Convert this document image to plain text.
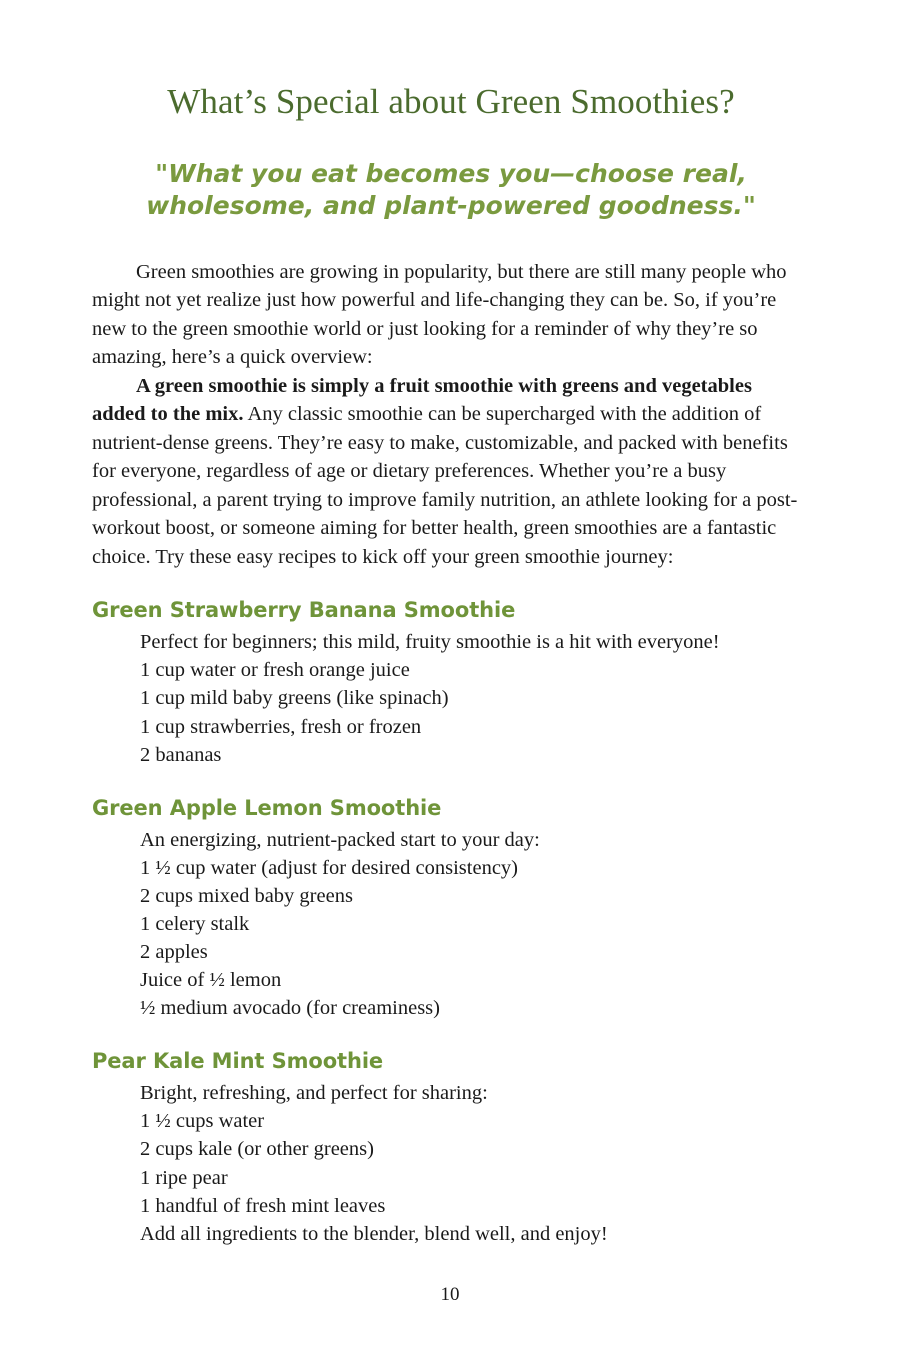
What’s Special about Green Smoothies?
"What you eat becomes you—choose real, wholesome, and plant-powered goodness."

Green smoothies are growing in popularity, but there are still many people who might not yet realize just how powerful and life-changing they can be. So, if you’re new to the green smoothie world or just looking for a reminder of why they’re so amazing, here’s a quick overview:

A green smoothie is simply a fruit smoothie with greens and vegetables added to the mix. Any classic smoothie can be supercharged with the addition of nutrient-dense greens. They’re easy to make, customizable, and packed with benefits for everyone, regardless of age or dietary preferences. Whether you’re a busy professional, a parent trying to improve family nutrition, an athlete looking for a post-workout boost, or someone aiming for better health, green smoothies are a fantastic choice. Try these easy recipes to kick off your green smoothie journey:

Green Strawberry Banana Smoothie
Perfect for beginners; this mild, fruity smoothie is a hit with everyone!
1 cup water or fresh orange juice
1 cup mild baby greens (like spinach)
1 cup strawberries, fresh or frozen
2 bananas
Green Apple Lemon Smoothie
An energizing, nutrient-packed start to your day:
1 ½ cup water (adjust for desired consistency)
2 cups mixed baby greens
1 celery stalk
2 apples
Juice of ½ lemon
½ medium avocado (for creaminess)
Pear Kale Mint Smoothie
Bright, refreshing, and perfect for sharing:
1 ½ cups water
2 cups kale (or other greens)
1 ripe pear
1 handful of fresh mint leaves
Add all ingredients to the blender, blend well, and enjoy!
10
